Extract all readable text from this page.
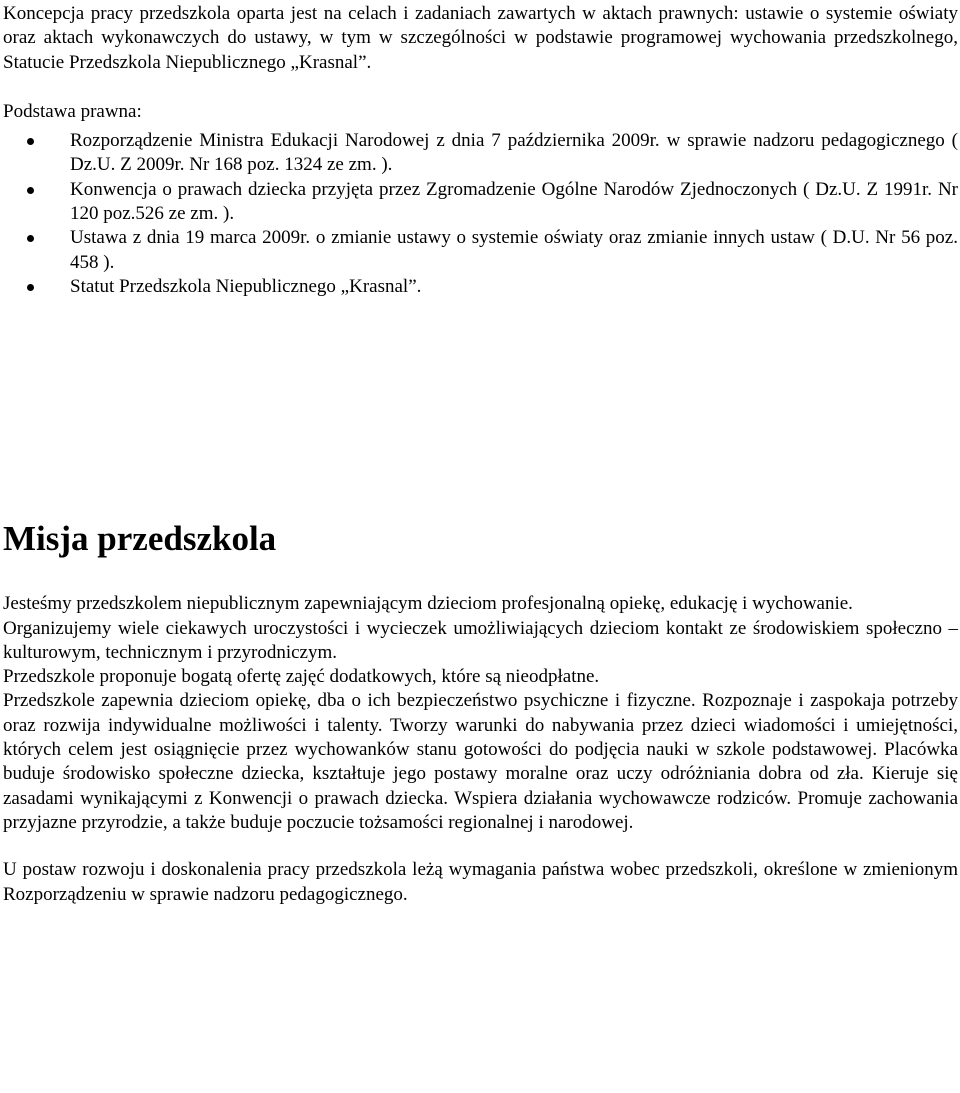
Koncepcja pracy przedszkola oparta jest na celach i zadaniach zawartych w aktach prawnych: ustawie o systemie oświaty oraz aktach wykonawczych do ustawy, w tym w szczególności w podstawie programowej wychowania przedszkolnego, Statucie Przedszkola Niepublicznego „Krasnal”.

Podstawa prawna:

Rozporządzenie Ministra Edukacji Narodowej z dnia 7 października 2009r. w sprawie nadzoru pedagogicznego ( Dz.U. Z 2009r. Nr 168 poz. 1324 ze zm. ).
Konwencja o prawach dziecka przyjęta przez Zgromadzenie Ogólne Narodów Zjednoczonych ( Dz.U. Z 1991r. Nr 120 poz.526 ze zm. ).
Ustawa z dnia 19 marca 2009r. o zmianie ustawy o systemie oświaty oraz zmianie innych ustaw ( D.U. Nr 56 poz. 458 ).
Statut Przedszkola Niepublicznego „Krasnal”.
Misja przedszkola

Jesteśmy przedszkolem niepublicznym zapewniającym dzieciom profesjonalną opiekę, edukację i wychowanie.

Organizujemy wiele ciekawych uroczystości i wycieczek umożliwiających dzieciom kontakt ze środowiskiem społeczno – kulturowym, technicznym i przyrodniczym.

Przedszkole proponuje bogatą ofertę zajęć dodatkowych, które są nieodpłatne.

Przedszkole zapewnia dzieciom opiekę, dba o ich bezpieczeństwo psychiczne i fizyczne. Rozpoznaje i zaspokaja potrzeby oraz rozwija indywidualne możliwości i talenty. Tworzy warunki do nabywania przez dzieci wiadomości i umiejętności, których celem jest osiągnięcie przez wychowanków stanu gotowości do podjęcia nauki w szkole podstawowej. Placówka buduje środowisko społeczne dziecka, kształtuje jego postawy moralne oraz uczy odróżniania dobra od zła. Kieruje się zasadami wynikającymi z Konwencji o prawach dziecka. Wspiera działania wychowawcze rodziców. Promuje zachowania przyjazne przyrodzie, a także buduje poczucie tożsamości regionalnej i narodowej.

U postaw rozwoju i doskonalenia pracy przedszkola leżą wymagania państwa wobec przedszkoli, określone w zmienionym Rozporządzeniu w sprawie nadzoru pedagogicznego.
